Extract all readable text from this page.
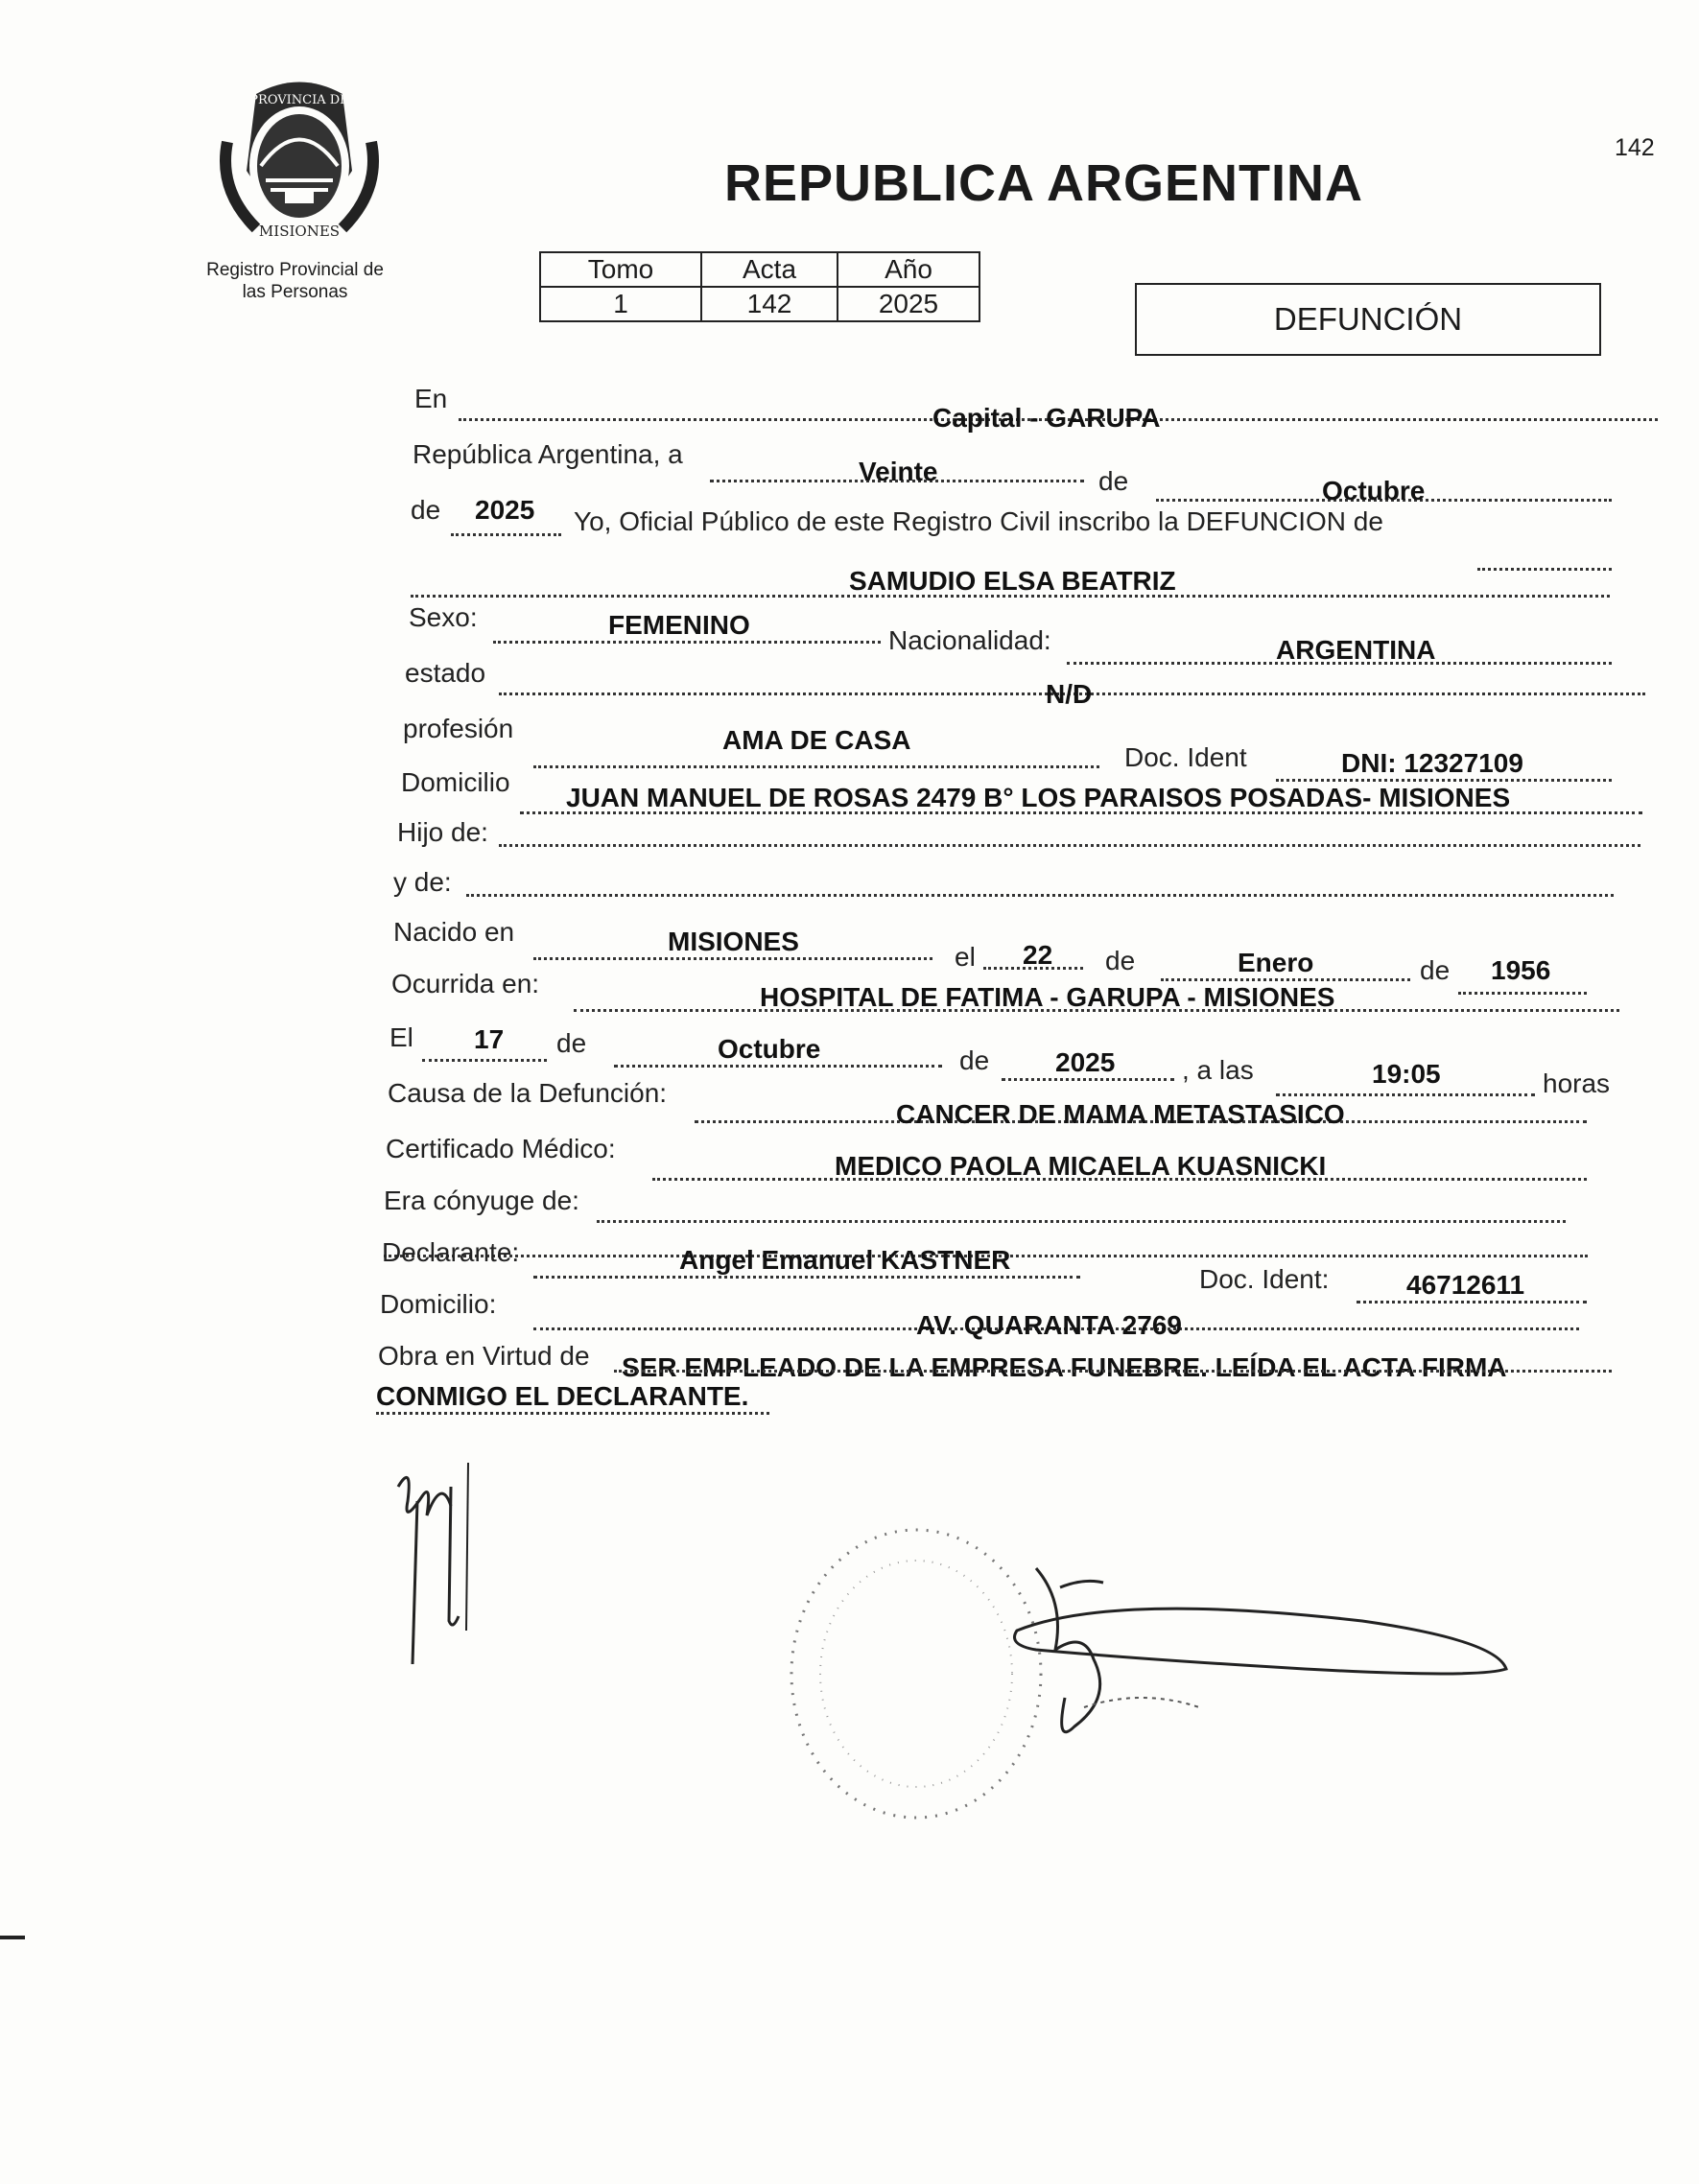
142
PROVINCIA DE
MISIONES
Registro Provincial de
las Personas
REPUBLICA ARGENTINA
Tomo	Acta	Año
1	142	2025	DEFUNCIÓN
En
Capital - GARUPA
República Argentina, a
Veinte	de	Octubre
de 2025 Yo, Oficial Público de este Registro Civil inscribo la DEFUNCION de
SAMUDIO ELSA BEATRIZ
Sexo:	FEMENINO
Nacionalidad:	ARGENTINA
estado
N/D
profesión	AMA DE CASA
Doc. Ident	DNI: 12327109
Domicilio
JUAN MANUEL DE ROSAS 2479 B° LOS PARAISOS POSADAS- MISIONES
Hijo de:
y de:
Nacido en	MISIONES
el 22 de	Enero	de 1956
Ocurrida en:	HOSPITAL DE FATIMA - GARUPA - MISIONES
El 17 de	Octubre	de 2025 , a las	19:05	horas
Causa de la Defunción:
CANCER DE MAMA METASTASICO
Certificado Médico:
MEDICO PAOLA MICAELA KUASNICKI
Era cónyuge de:
Declarante:	Angel Emanuel KASTNER
Doc. Ident:	46712611
Domicilio:
AV. QUARANTA 2769
Obra en Virtud de SER EMPLEADO DE LA EMPRESA FUNEBRE. LEÍDA EL ACTA FIRMA
CONMIGO EL DECLARANTE.
